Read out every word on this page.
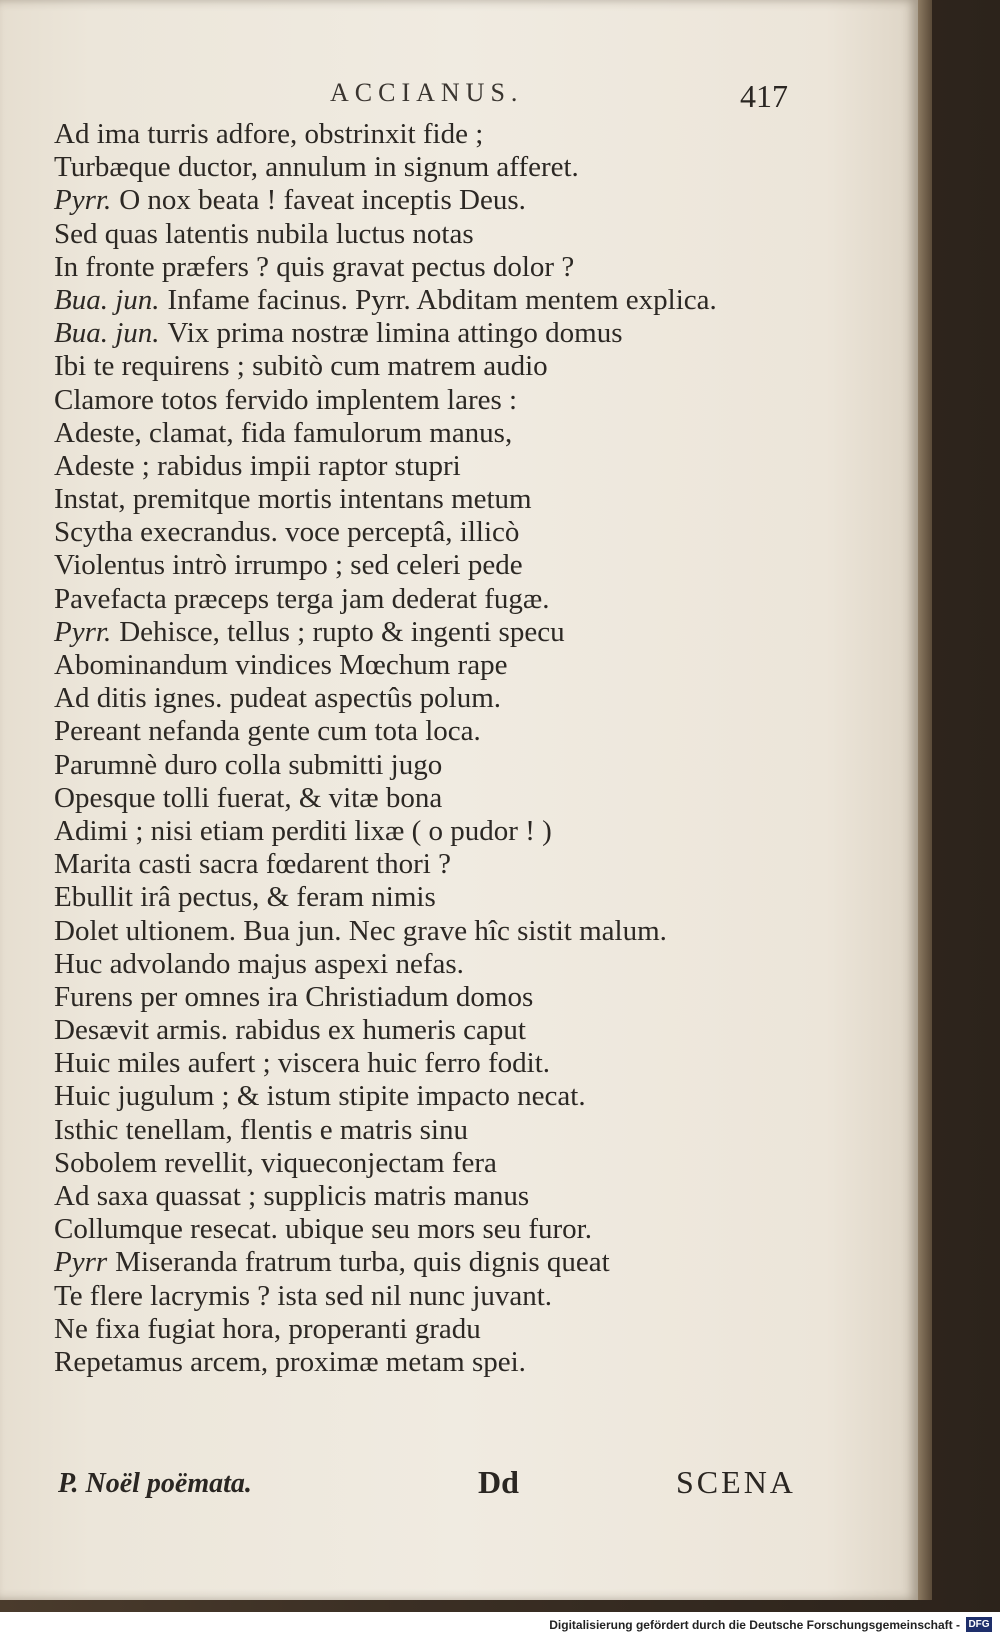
ACCIANUS.	417
Ad ima turris adfore, obstrinxit fide ;
Turbæque ductor, annulum in signum afferet.
Pyrr. O nox beata ! faveat inceptis Deus.
Sed quas latentis nubila luctus notas
In fronte præfers ? quis gravat pectus dolor ?
Bua. jun. Infame facinus. Pyrr. Abditam mentem explica.
Bua. jun. Vix prima nostræ limina attingo domus
Ibi te requirens ; subitò cum matrem audio
Clamore totos fervido implentem lares :
Adeste, clamat, fida famulorum manus,
Adeste ; rabidus impii raptor stupri
Instat, premitque mortis intentans metum
Scytha execrandus. voce perceptâ, illicò
Violentus intrò irrumpo ; sed celeri pede
Pavefacta præceps terga jam dederat fugæ.
Pyrr. Dehisce, tellus ; rupto & ingenti specu
Abominandum vindices Mœchum rape
Ad ditis ignes. pudeat aspectûs polum.
Pereant nefanda gente cum tota loca.
Parumnè duro colla submitti jugo
Opesque tolli fuerat, & vitæ bona
Adimi ; nisi etiam perditi lixæ ( o pudor ! )
Marita casti sacra fœdarent thori ?
Ebullit irâ pectus, & feram nimis
Dolet ultionem. Bua jun. Nec grave hîc sistit malum.
Huc advolando majus aspexi nefas.
Furens per omnes ira Christiadum domos
Desævit armis. rabidus ex humeris caput
Huic miles aufert ; viscera huic ferro fodit.
Huic jugulum ; & istum stipite impacto necat.
Isthic tenellam, flentis e matris sinu
Sobolem revellit, viqueconjectam fera
Ad saxa quassat ; supplicis matris manus
Collumque resecat. ubique seu mors seu furor.
Pyrr Miseranda fratrum turba, quis dignis queat
Te flere lacrymis ? ista sed nil nunc juvant.
Ne fixa fugiat hora, properanti gradu
Repetamus arcem, proximæ metam spei.
P. Noël poëmata.	Dd	SCENA
Digitalisierung gefördert durch die Deutsche Forschungsgemeinschaft - DFG
